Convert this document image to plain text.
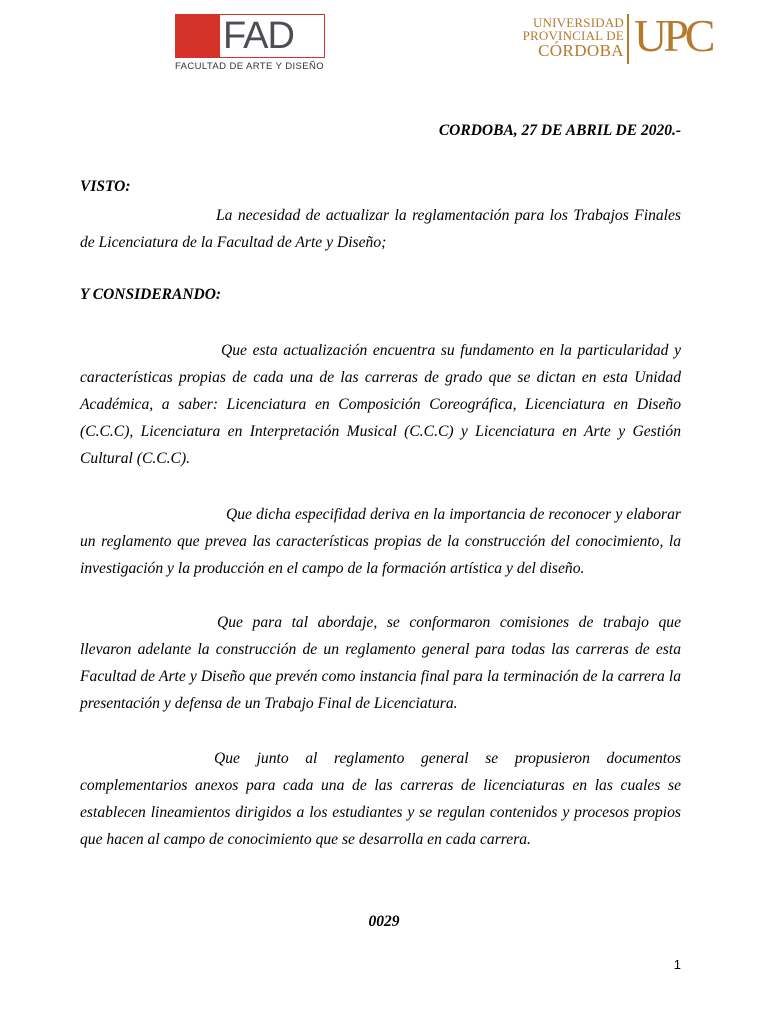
FAD
FACULTAD DE ARTE Y DISEÑO
UNIVERSIDAD
PROVINCIAL DE
CÓRDOBA UPC
CORDOBA, 27 DE ABRIL DE 2020.-
VISTO:
La necesidad de actualizar la reglamentación para los Trabajos Finales de Licenciatura de la Facultad de Arte y Diseño;
Y CONSIDERANDO:
Que esta actualización encuentra su fundamento en la particularidad y características propias de cada una de las carreras de grado que se dictan en esta Unidad Académica, a saber: Licenciatura en Composición Coreográfica, Licenciatura en Diseño (C.C.C), Licenciatura en Interpretación Musical (C.C.C) y Licenciatura en Arte y Gestión Cultural (C.C.C).
Que dicha especifidad deriva en la importancia de reconocer y elaborar un reglamento que prevea las características propias de la construcción del conocimiento, la investigación y la producción en el campo de la formación artística y del diseño.
Que para tal abordaje, se conformaron comisiones de trabajo que llevaron adelante la construcción de un reglamento general para todas las carreras de esta Facultad de Arte y Diseño que prevén como instancia final para la terminación de la carrera la presentación y defensa de un Trabajo Final de Licenciatura.
Que junto al reglamento general se propusieron documentos complementarios anexos para cada una de las carreras de licenciaturas en las cuales se establecen lineamientos dirigidos a los estudiantes y se regulan contenidos y procesos propios que hacen al campo de conocimiento que se desarrolla en cada carrera.
0029
1
